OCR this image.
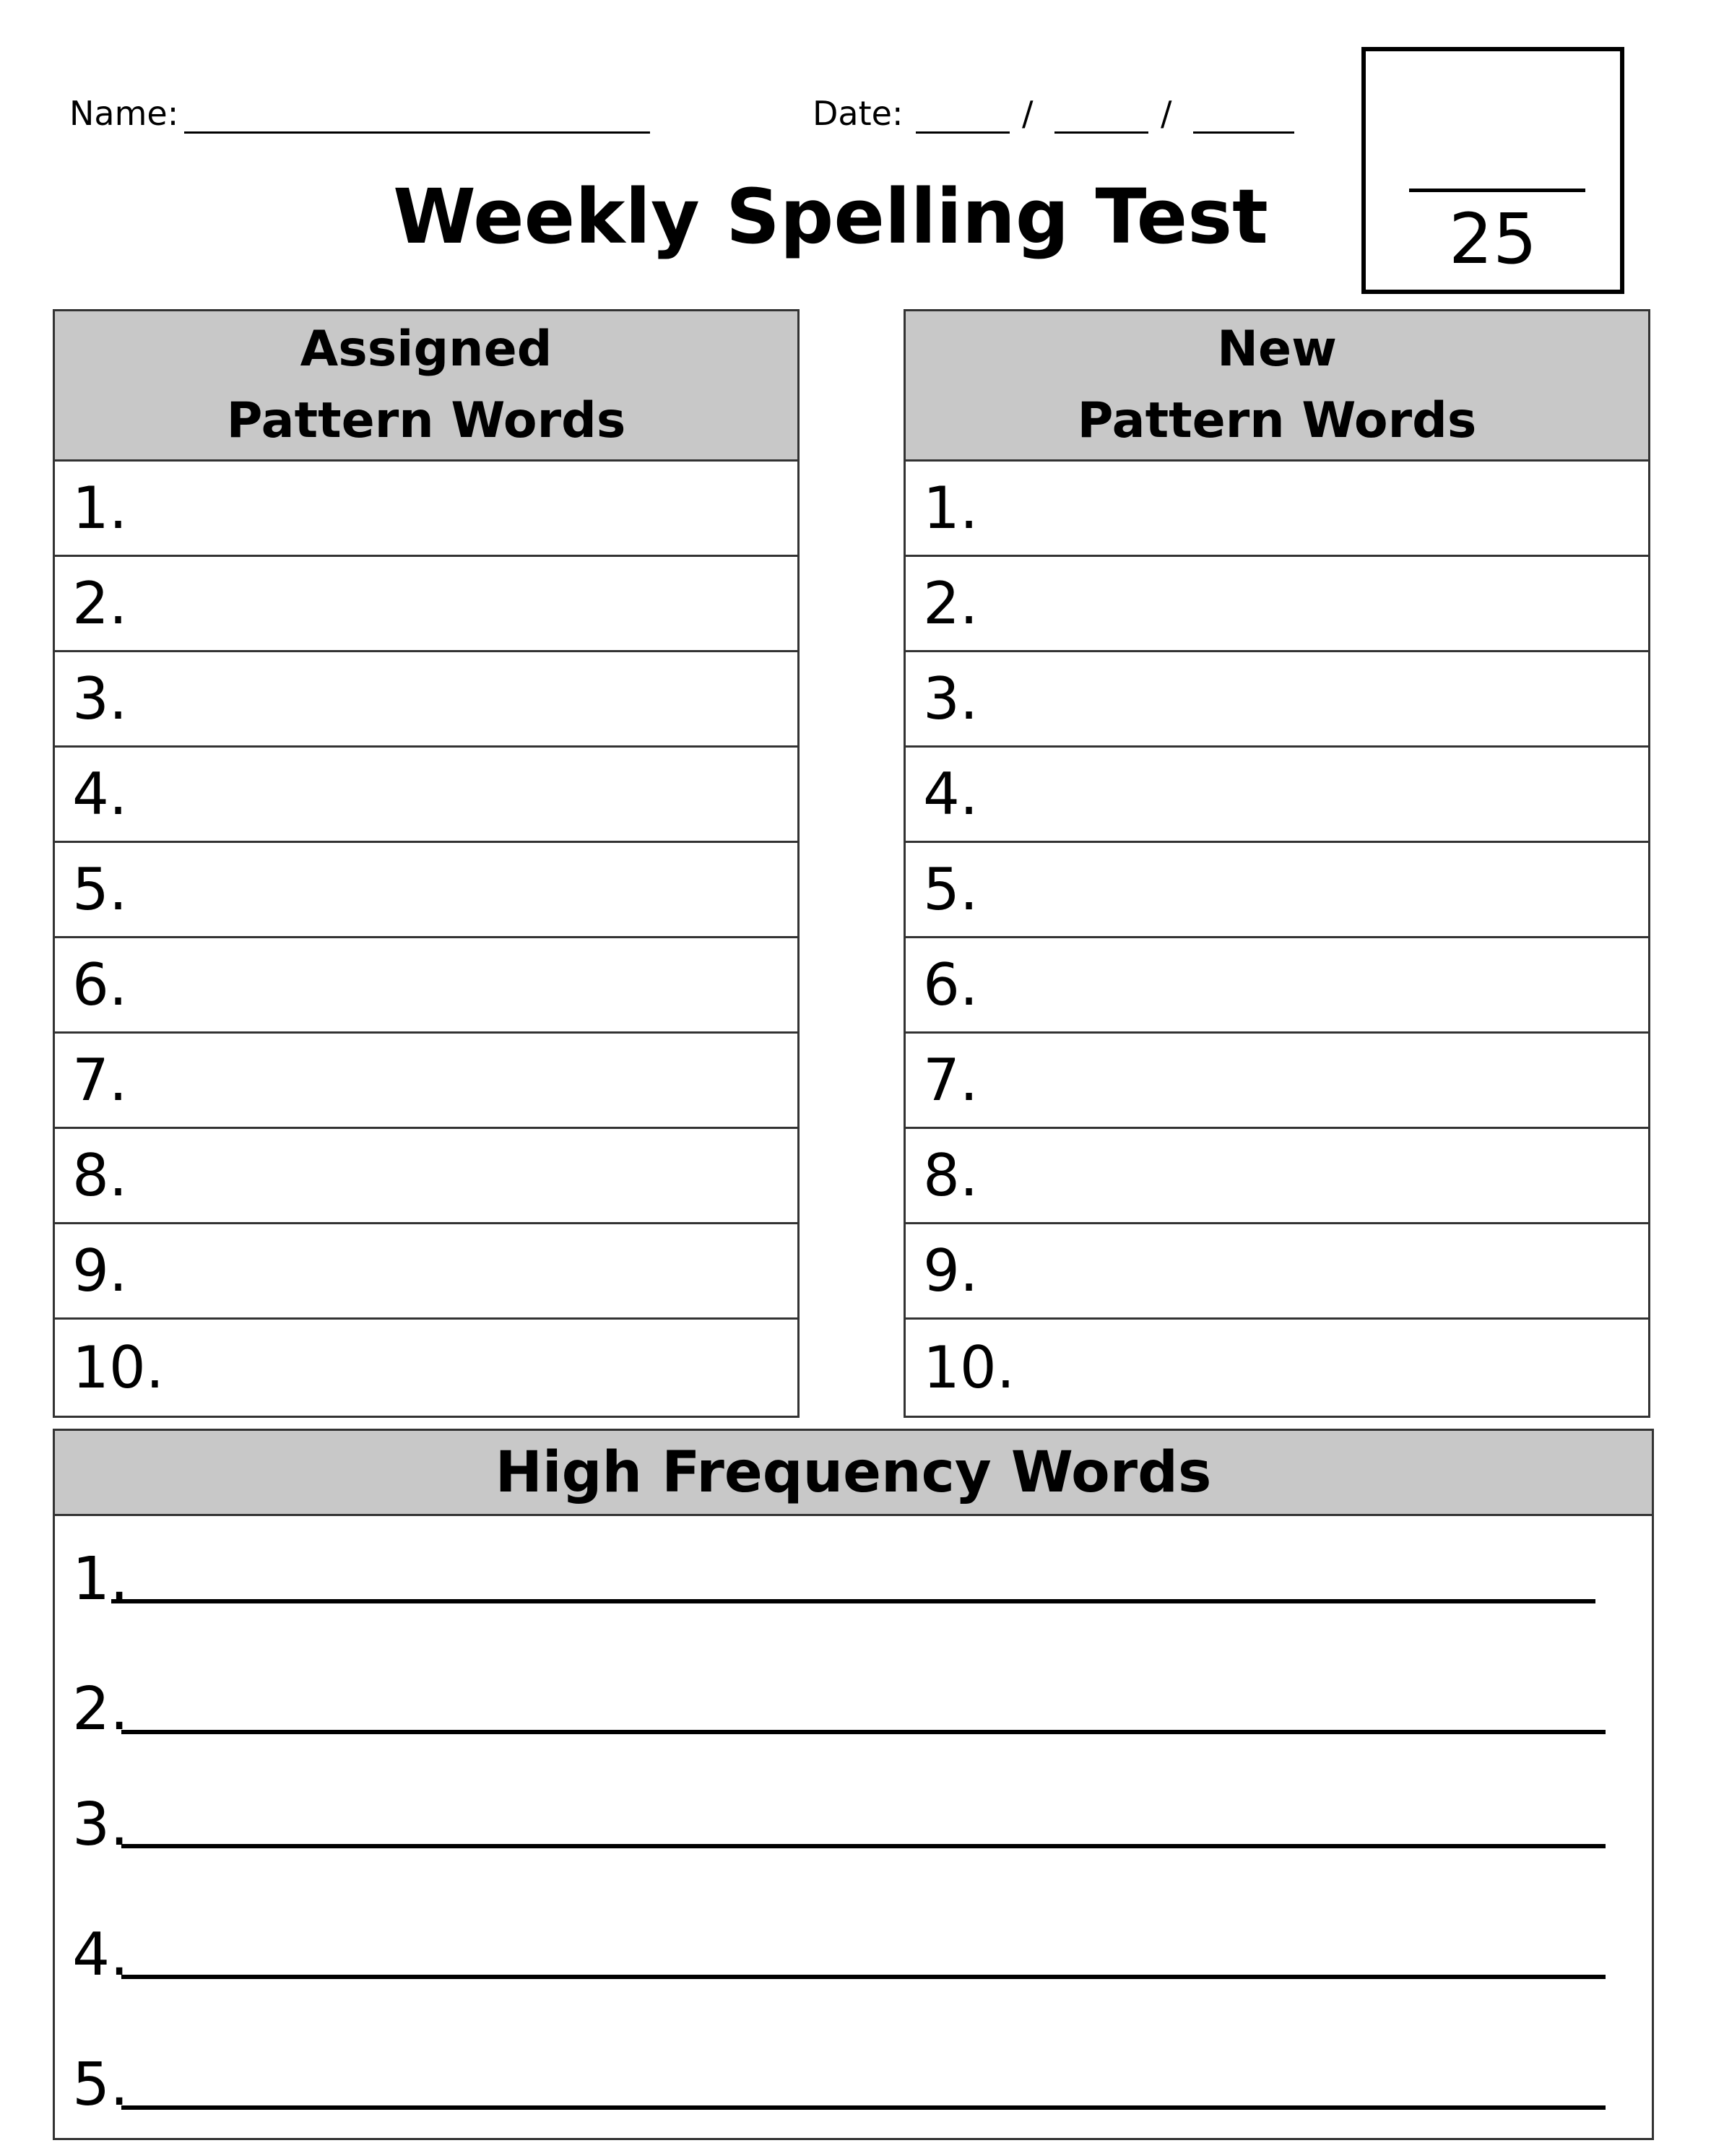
Name:	Date:	/	/
Weekly Spelling Test	25
Assigned
Pattern Words
1.
2.
3.
4.
5.
6.
7.
8.
9.
10.
New
Pattern Words
1.
2.
3.
4.
5.
6.
7.
8.
9.
10.
High Frequency Words
1.
2.
3.
4.
5.
